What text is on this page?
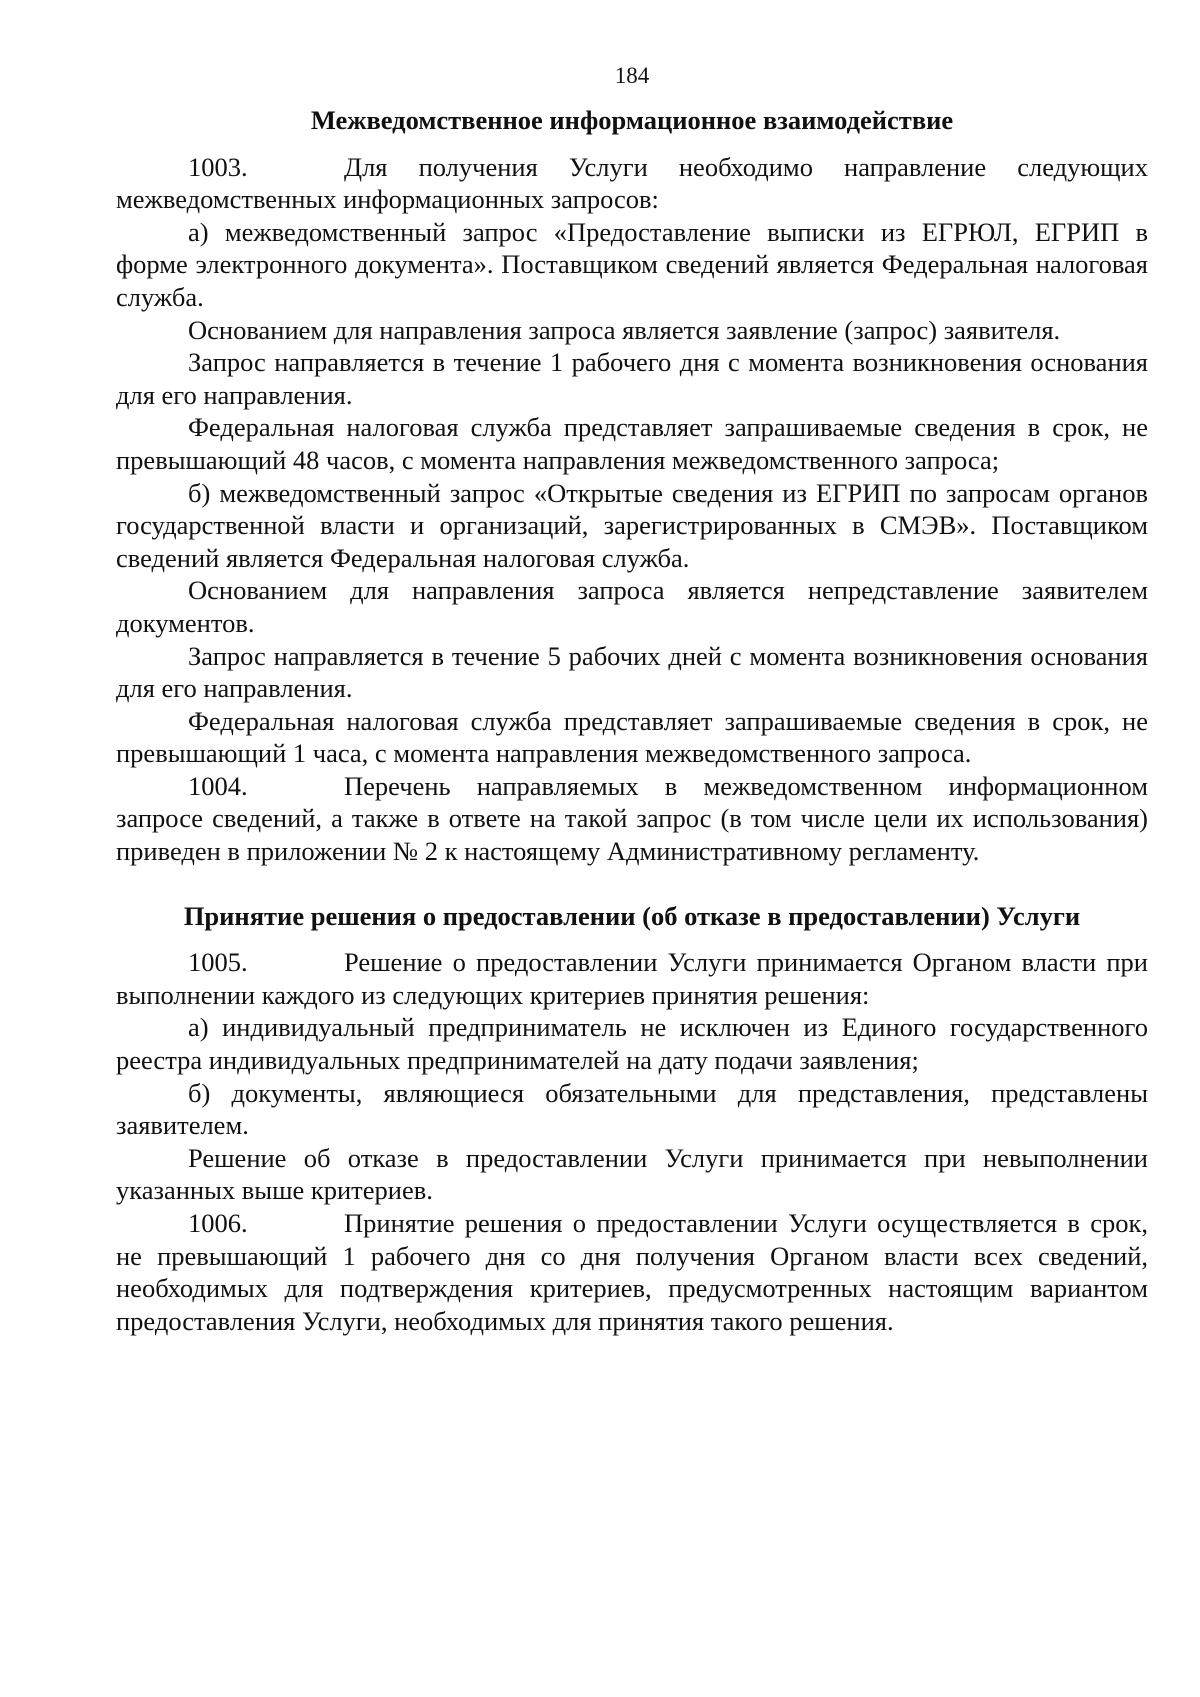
184
Межведомственное информационное взаимодействие

1003.	Для получения Услуги необходимо направление следующих межведомственных информационных запросов:

а) межведомственный запрос «Предоставление выписки из ЕГРЮЛ, ЕГРИП в форме электронного документа». Поставщиком сведений является Федеральная налоговая служба.

Основанием для направления запроса является заявление (запрос) заявителя.

Запрос направляется в течение 1 рабочего дня с момента возникновения основания для его направления.

Федеральная налоговая служба представляет запрашиваемые сведения в срок, не превышающий 48 часов, с момента направления межведомственного запроса;

б) межведомственный запрос «Открытые сведения из ЕГРИП по запросам органов государственной власти и организаций, зарегистрированных в СМЭВ». Поставщиком сведений является Федеральная налоговая служба.

Основанием для направления запроса является непредставление заявителем документов.

Запрос направляется в течение 5 рабочих дней с момента возникновения основания для его направления.

Федеральная налоговая служба представляет запрашиваемые сведения в срок, не превышающий 1 часа, с момента направления межведомственного запроса.

1004.	Перечень направляемых в межведомственном информационном запросе сведений, а также в ответе на такой запрос (в том числе цели их использования) приведен в приложении № 2 к настоящему Административному регламенту.

Принятие решения о предоставлении (об отказе в предоставлении) Услуги

1005.	Решение о предоставлении Услуги принимается Органом власти при выполнении каждого из следующих критериев принятия решения:

а) индивидуальный предприниматель не исключен из Единого государственного реестра индивидуальных предпринимателей на дату подачи заявления;

б) документы, являющиеся обязательными для представления, представлены заявителем.

Решение об отказе в предоставлении Услуги принимается при невыполнении указанных выше критериев.

1006.	Принятие решения о предоставлении Услуги осуществляется в срок, не превышающий 1 рабочего дня со дня получения Органом власти всех сведений, необходимых для подтверждения критериев, предусмотренных настоящим вариантом предоставления Услуги, необходимых для принятия такого решения.
